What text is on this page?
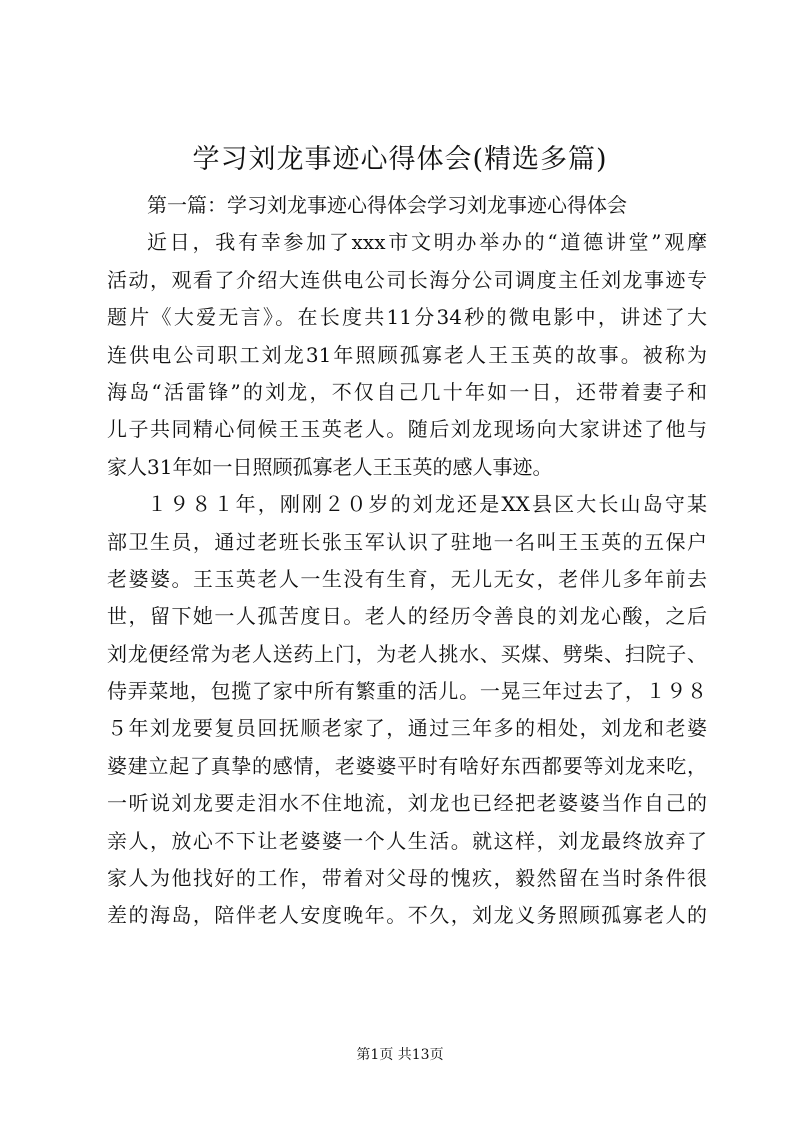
学习刘龙事迹心得体会(精选多篇)
第一篇：学习刘龙事迹心得体会学习刘龙事迹心得体会
近日，我有幸参加了xxx市文明办举办的“道德讲堂”观摩
活动，观看了介绍大连供电公司长海分公司调度主任刘龙事迹专
题片《大爱无言》。在长度共11分34秒的微电影中，讲述了大
连供电公司职工刘龙31年照顾孤寡老人王玉英的故事。被称为
海岛“活雷锋”的刘龙，不仅自己几十年如一日，还带着妻子和
儿子共同精心伺候王玉英老人。随后刘龙现场向大家讲述了他与
家人31年如一日照顾孤寡老人王玉英的感人事迹。
１９８１年，刚刚２０岁的刘龙还是XX县区大长山岛守某
部卫生员，通过老班长张玉军认识了驻地一名叫王玉英的五保户
老婆婆。王玉英老人一生没有生育，无儿无女，老伴儿多年前去
世，留下她一人孤苦度日。老人的经历令善良的刘龙心酸，之后
刘龙便经常为老人送药上门，为老人挑水、买煤、劈柴、扫院子、
侍弄菜地，包揽了家中所有繁重的活儿。一晃三年过去了，１９８
５年刘龙要复员回抚顺老家了，通过三年多的相处，刘龙和老婆
婆建立起了真挚的感情，老婆婆平时有啥好东西都要等刘龙来吃，
一听说刘龙要走泪水不住地流，刘龙也已经把老婆婆当作自己的
亲人，放心不下让老婆婆一个人生活。就这样，刘龙最终放弃了
家人为他找好的工作，带着对父母的愧疚，毅然留在当时条件很
差的海岛，陪伴老人安度晚年。不久，刘龙义务照顾孤寡老人的
第1页 共13页
